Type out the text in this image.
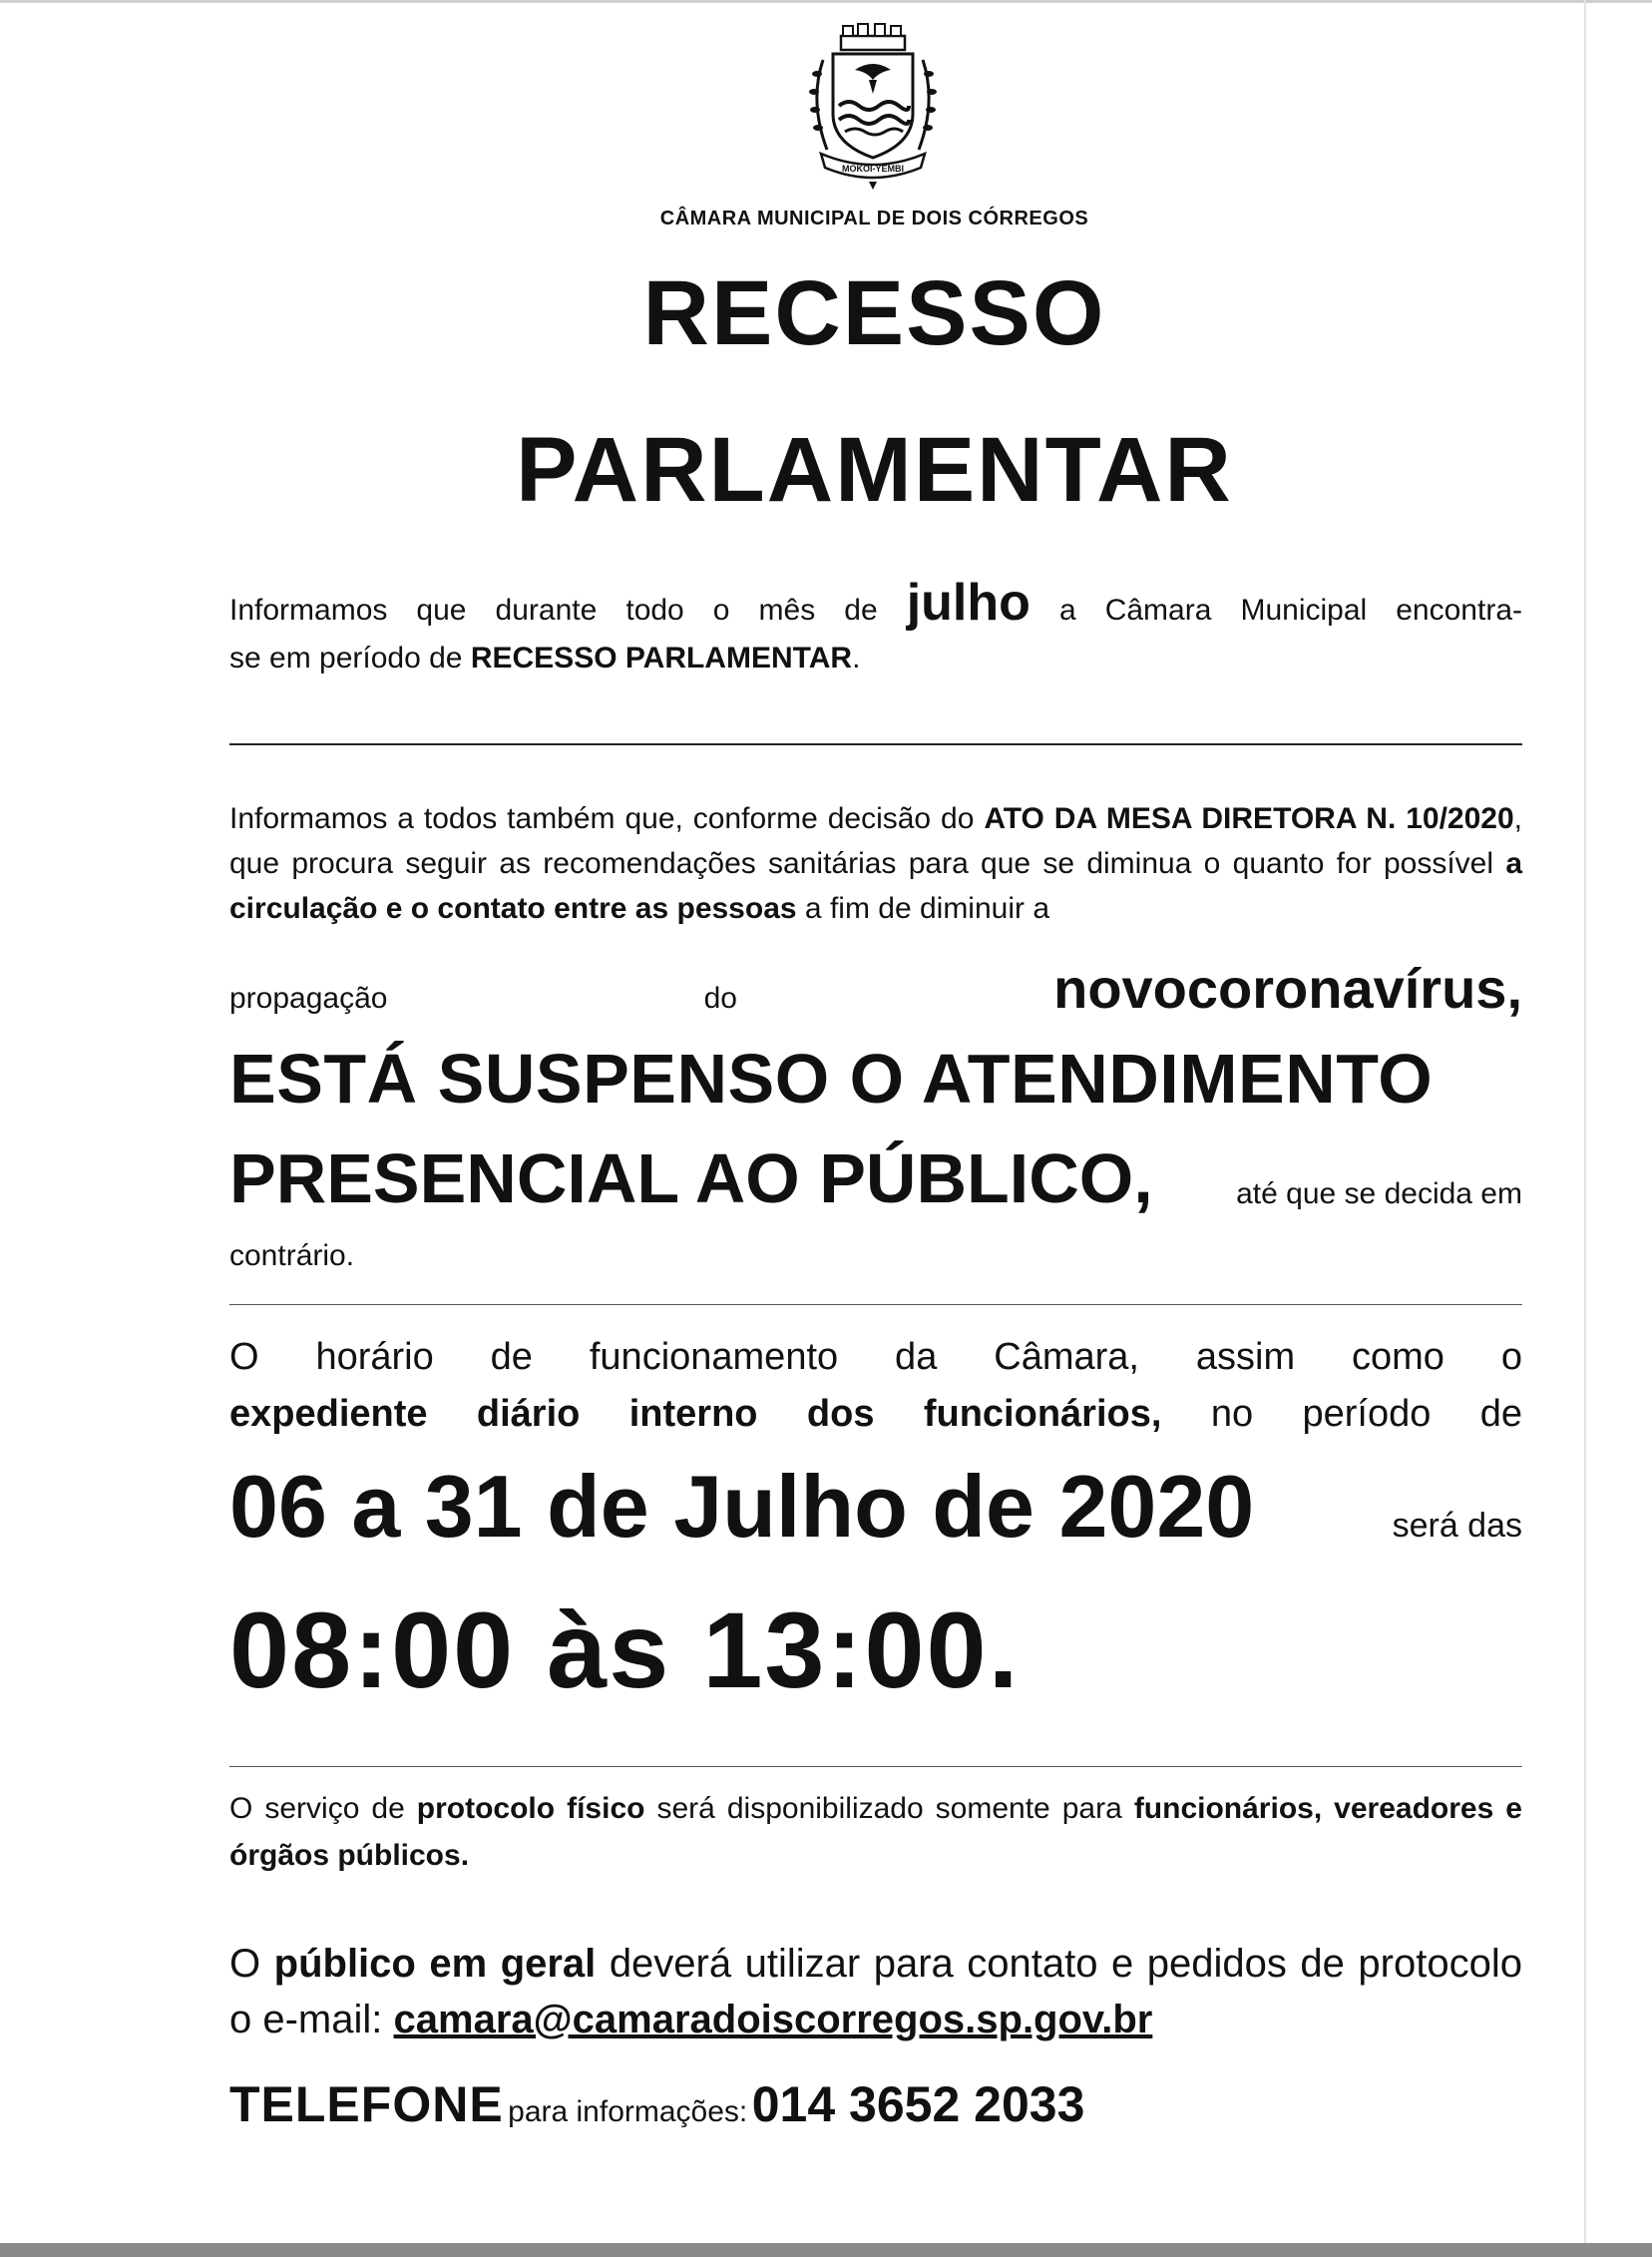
MOKOI-YEMBI
CÂMARA MUNICIPAL DE DOIS CÓRREGOS
RECESSO
PARLAMENTAR
Informamos que durante todo o mês de julho a Câmara Municipal encontra-
se em período de RECESSO PARLAMENTAR.
Informamos a todos também que, conforme decisão do ATO DA MESA DIRETORA N. 10/2020, que procura seguir as recomendações sanitárias para que se diminua o quanto for possível a circulação e o contato entre as pessoas a fim de diminuir a
propagação	do	novocoronavírus,
ESTÁ SUSPENSO O ATENDIMENTO
PRESENCIAL AO PÚBLICO,	até que se decida em
contrário.
O horário de funcionamento da Câmara, assim como o
expediente diário interno dos funcionários, no período de
06 a 31 de Julho de 2020	será das
08:00 às 13:00.
O serviço de protocolo físico será disponibilizado somente para funcionários, vereadores e órgãos públicos.
O público em geral deverá utilizar para contato e pedidos de protocolo o e-mail: camara@camaradoiscorregos.sp.gov.br
TELEFONE para informações: 014 3652 2033
